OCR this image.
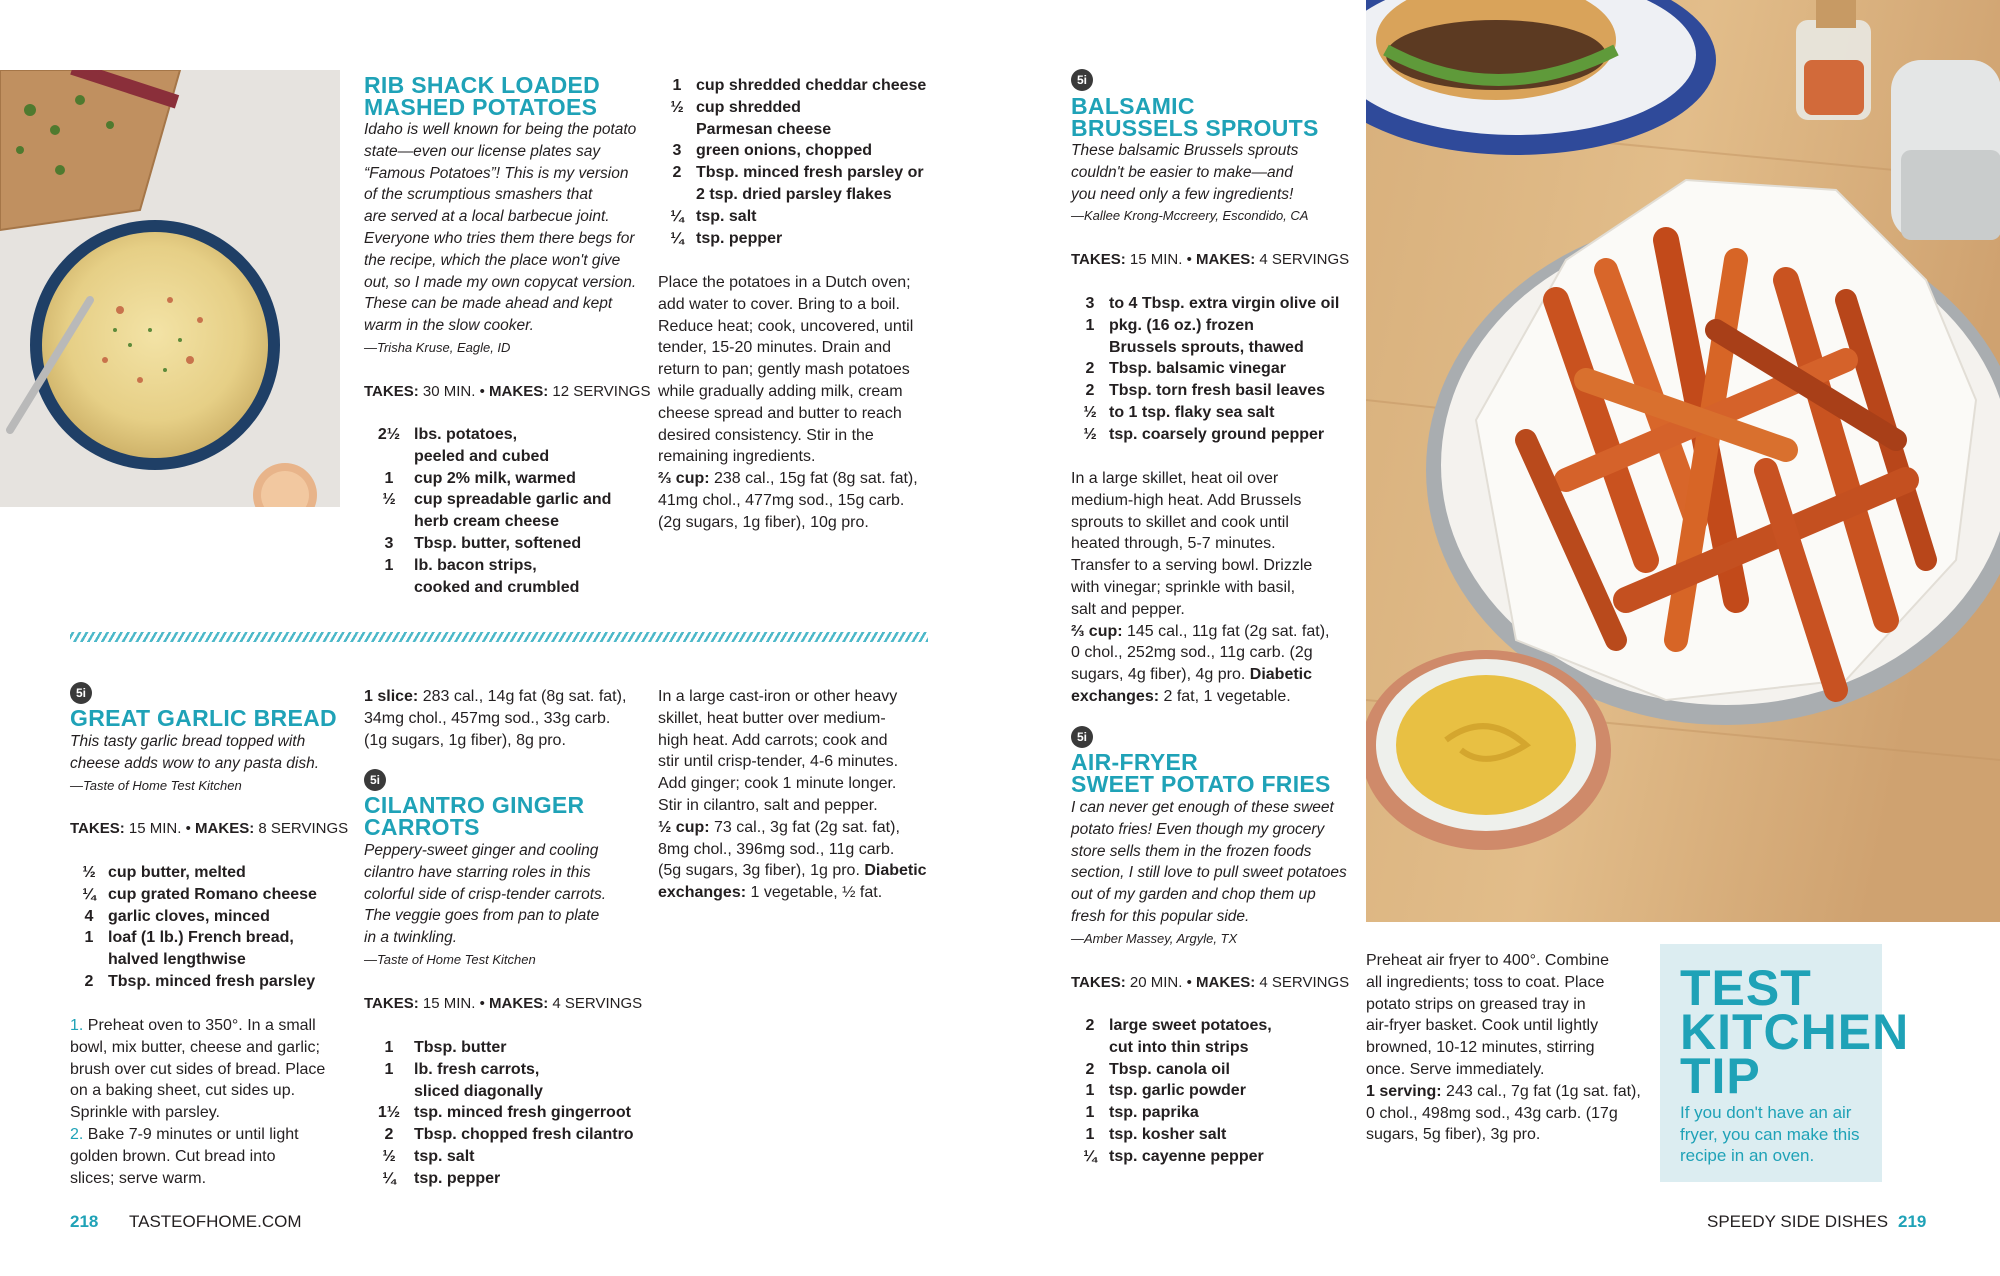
RIB SHACK LOADED
MASHED POTATOES
Idaho is well known for being the potato
state—even our license plates say
“Famous Potatoes”! This is my version
of the scrumptious smashers that
are served at a local barbecue joint.
Everyone who tries them there begs for
the recipe, which the place won't give
out, so I made my own copycat version.
These can be made ahead and kept
warm in the slow cooker.
—Trisha Kruse, Eagle, ID
TAKES: 30 MIN. • MAKES: 12 SERVINGS
2½ lbs. potatoes,
peeled and cubed
1	cup 2% milk, warmed
½	cup spreadable garlic and
herb cream cheese
3	Tbsp. butter, softened
1	lb. bacon strips,
cooked and crumbled
1 cup shredded cheddar cheese
½ cup shredded
Parmesan cheese
3 green onions, chopped
2 Tbsp. minced fresh parsley or
2 tsp. dried parsley flakes
¼ tsp. salt
¼ tsp. pepper
Place the potatoes in a Dutch oven;
add water to cover. Bring to a boil.
Reduce heat; cook, uncovered, until
tender, 15-20 minutes. Drain and
return to pan; gently mash potatoes
while gradually adding milk, cream
cheese spread and butter to reach
desired consistency. Stir in the
remaining ingredients.
⅔ cup: 238 cal., 15g fat (8g sat. fat),
41mg chol., 477mg sod., 15g carb.
(2g sugars, 1g fiber), 10g pro.
5i
GREAT GARLIC BREAD
This tasty garlic bread topped with
cheese adds wow to any pasta dish.
—Taste of Home Test Kitchen
TAKES: 15 MIN. • MAKES: 8 SERVINGS
½ cup butter, melted
¼ cup grated Romano cheese
4 garlic cloves, minced
1 loaf (1 lb.) French bread,
halved lengthwise
2 Tbsp. minced fresh parsley
1. Preheat oven to 350°. In a small
bowl, mix butter, cheese and garlic;
brush over cut sides of bread. Place
on a baking sheet, cut sides up.
Sprinkle with parsley.
2. Bake 7-9 minutes or until light
golden brown. Cut bread into
slices; serve warm.
1 slice: 283 cal., 14g fat (8g sat. fat),
34mg chol., 457mg sod., 33g carb.
(1g sugars, 1g fiber), 8g pro.
5i
CILANTRO GINGER
CARROTS
Peppery-sweet ginger and cooling
cilantro have starring roles in this
colorful side of crisp-tender carrots.
The veggie goes from pan to plate
in a twinkling.
—Taste of Home Test Kitchen
TAKES: 15 MIN. • MAKES: 4 SERVINGS
1	Tbsp. butter
1	lb. fresh carrots,
sliced diagonally
1½ tsp. minced fresh gingerroot
2	Tbsp. chopped fresh cilantro
½	tsp. salt
¼	tsp. pepper
In a large cast-iron or other heavy
skillet, heat butter over medium-
high heat. Add carrots; cook and
stir until crisp-tender, 4-6 minutes.
Add ginger; cook 1 minute longer.
Stir in cilantro, salt and pepper.
½ cup: 73 cal., 3g fat (2g sat. fat),
8mg chol., 396mg sod., 11g carb.
(5g sugars, 3g fiber), 1g pro. Diabetic
exchanges: 1 vegetable, ½ fat.
5i
BALSAMIC
BRUSSELS SPROUTS
These balsamic Brussels sprouts
couldn't be easier to make—and
you need only a few ingredients!
—Kallee Krong-Mccreery, Escondido, CA
TAKES: 15 MIN. • MAKES: 4 SERVINGS
3 to 4 Tbsp. extra virgin olive oil
1 pkg. (16 oz.) frozen
Brussels sprouts, thawed
2 Tbsp. balsamic vinegar
2 Tbsp. torn fresh basil leaves
½ to 1 tsp. flaky sea salt
½ tsp. coarsely ground pepper
In a large skillet, heat oil over
medium-high heat. Add Brussels
sprouts to skillet and cook until
heated through, 5-7 minutes.
Transfer to a serving bowl. Drizzle
with vinegar; sprinkle with basil,
salt and pepper.
⅔ cup: 145 cal., 11g fat (2g sat. fat),
0 chol., 252mg sod., 11g carb. (2g
sugars, 4g fiber), 4g pro. Diabetic
exchanges: 2 fat, 1 vegetable.
5i
AIR-FRYER
SWEET POTATO FRIES
I can never get enough of these sweet
potato fries! Even though my grocery
store sells them in the frozen foods
section, I still love to pull sweet potatoes
out of my garden and chop them up
fresh for this popular side.
—Amber Massey, Argyle, TX
TAKES: 20 MIN. • MAKES: 4 SERVINGS
2 large sweet potatoes,
cut into thin strips
2 Tbsp. canola oil
1 tsp. garlic powder
1 tsp. paprika
1 tsp. kosher salt
¼ tsp. cayenne pepper
Preheat air fryer to 400°. Combine
all ingredients; toss to coat. Place
potato strips on greased tray in
air-fryer basket. Cook until lightly
browned, 10-12 minutes, stirring
once. Serve immediately.
1 serving: 243 cal., 7g fat (1g sat. fat),
0 chol., 498mg sod., 43g carb. (17g
sugars, 5g fiber), 3g pro.
TEST
KITCHEN
TIP
If you don't have an air
fryer, you can make this
recipe in an oven.
218 TASTEOFHOME.COM	SPEEDY SIDE DISHES 219
